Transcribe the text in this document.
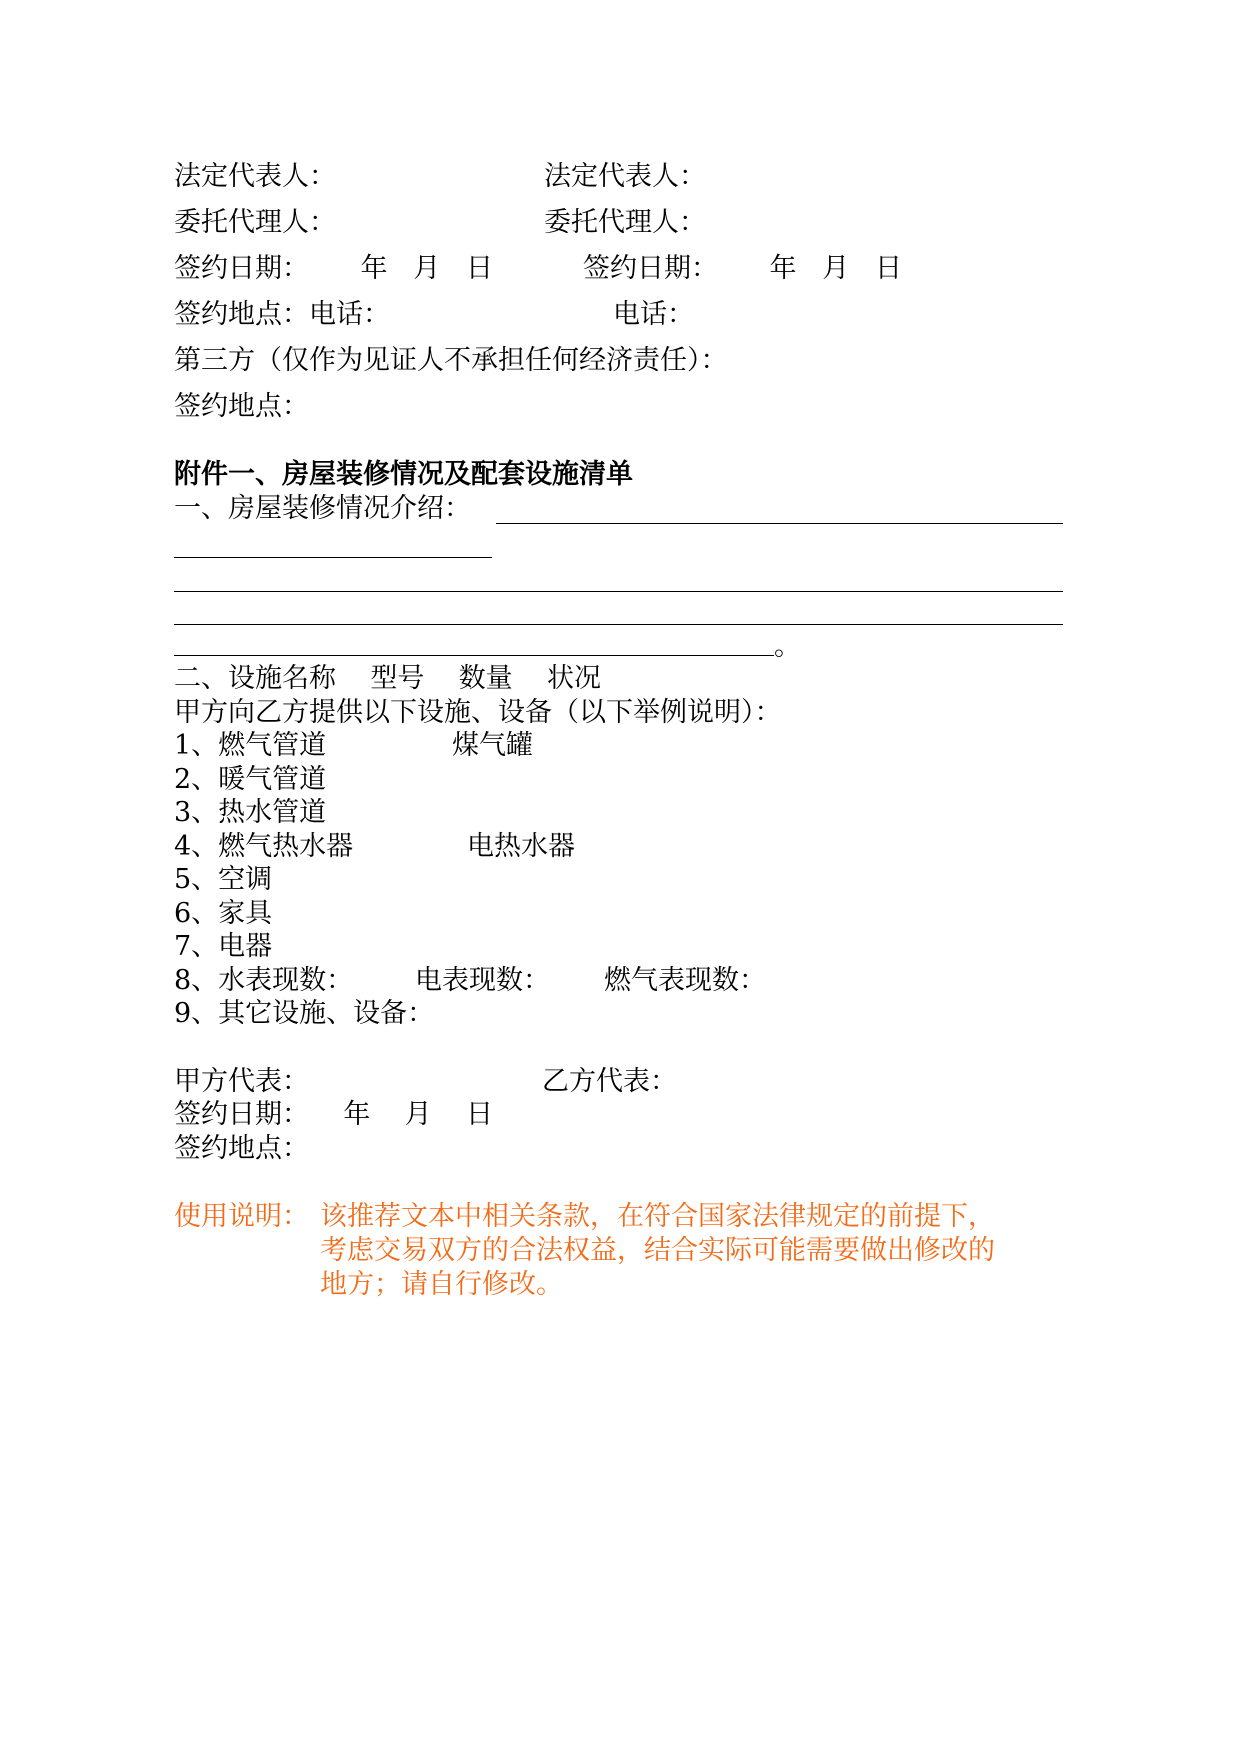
法定代表人：	法定代表人：
委托代理人：	委托代理人：
签约日期：      年   月   日	签约日期：      年   月   日
签约地点：电话：	电话：
第三方（仅作为见证人不承担任何经济责任）：
签约地点：
附件一、房屋装修情况及配套设施清单
一、房屋装修情况介绍：
。
二、设施名称    型号    数量    状况
甲方向乙方提供以下设施、设备（以下举例说明）：
1、燃气管道	煤气罐
2、暖气管道
3、热水管道
4、燃气热水器	电热水器
5、空调
6、家具
7、电器
8、水表现数： 电表现数： 燃气表现数：
9、其它设施、设备：
甲方代表：	乙方代表：
签约日期：    年    月    日
签约地点：
使用说明： 该推荐文本中相关条款，在符合国家法律规定的前提下，
考虑交易双方的合法权益，结合实际可能需要做出修改的
地方；请自行修改。
